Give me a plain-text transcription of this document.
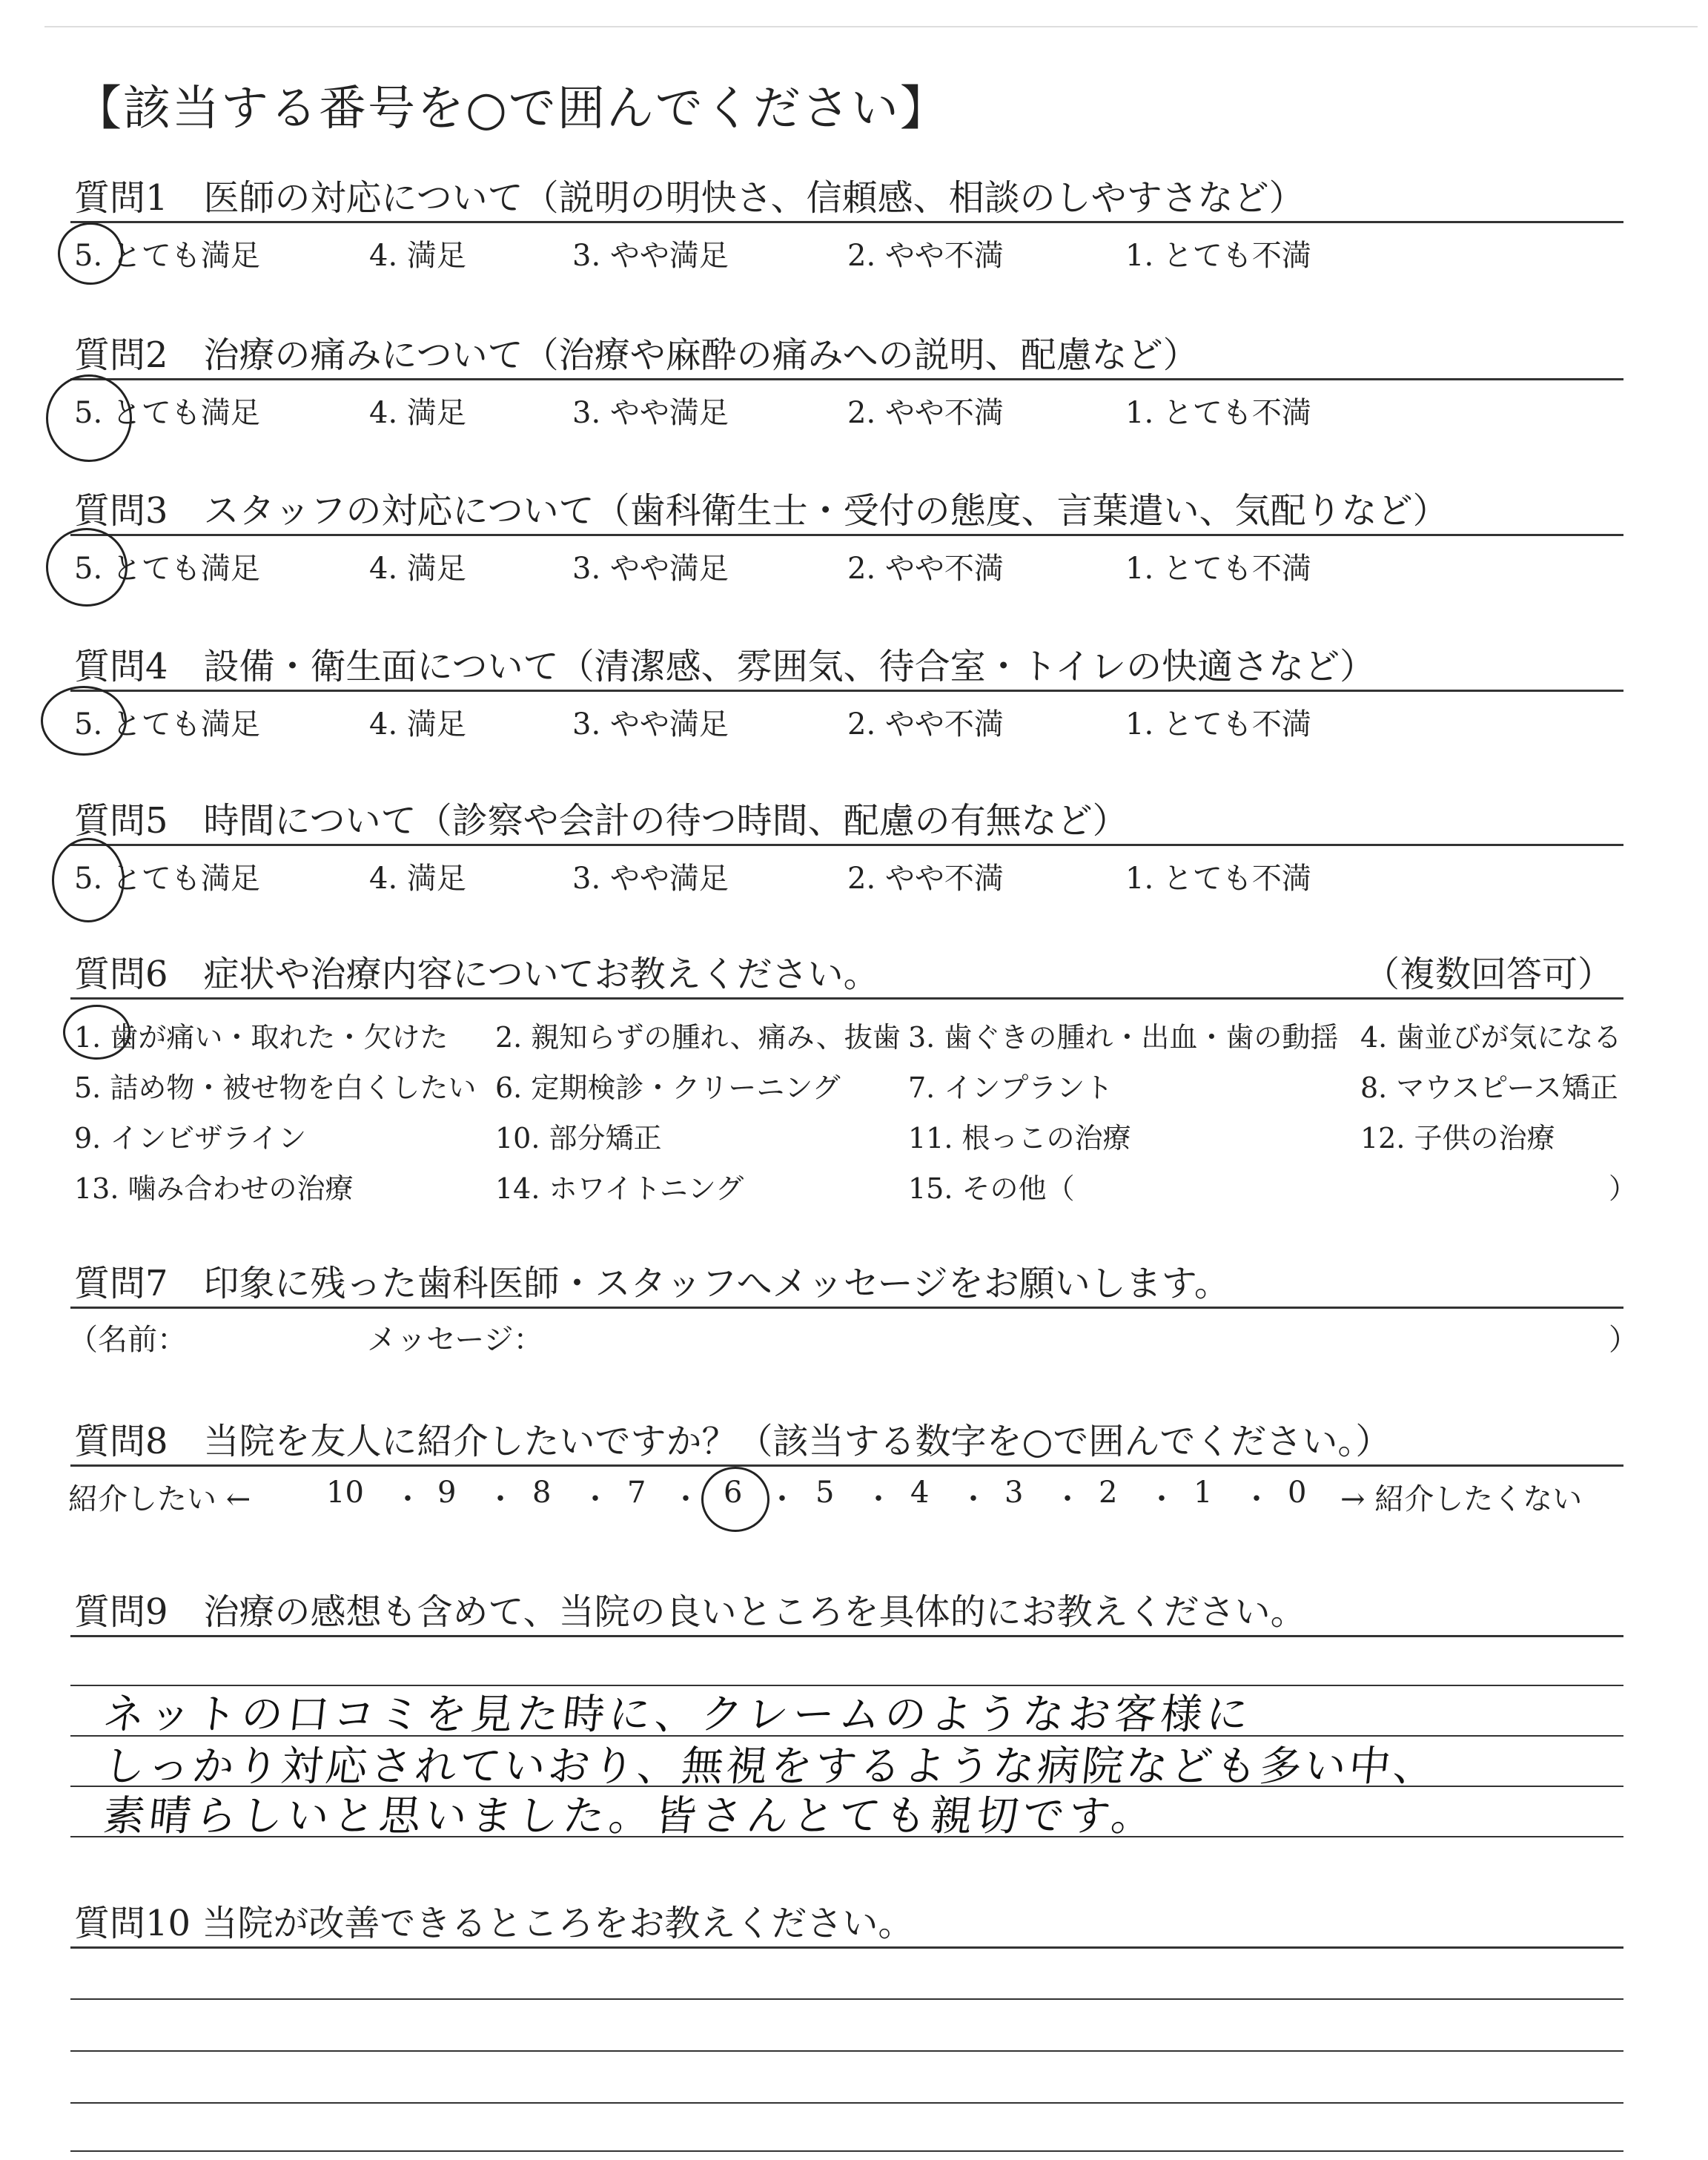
【該当する番号を○で囲んでください】
質問1　医師の対応について（説明の明快さ、信頼感、相談のしやすさなど）
5. とても満足	4. 満足	3. やや満足	2. やや不満	1. とても不満
質問2　治療の痛みについて（治療や麻酔の痛みへの説明、配慮など）
5. とても満足	4. 満足	3. やや満足	2. やや不満	1. とても不満
質問3　スタッフの対応について（歯科衛生士・受付の態度、言葉遣い、気配りなど）
5. とても満足	4. 満足	3. やや満足	2. やや不満	1. とても不満
質問4　設備・衛生面について（清潔感、雰囲気、待合室・トイレの快適さなど）
5. とても満足	4. 満足	3. やや満足	2. やや不満	1. とても不満
質問5　時間について（診察や会計の待つ時間、配慮の有無など）
5. とても満足	4. 満足	3. やや満足	2. やや不満	1. とても不満
質問6　症状や治療内容についてお教えください。	（複数回答可）
1. 歯が痛い・取れた・欠けた 2. 親知らずの腫れ、痛み、抜歯 3. 歯ぐきの腫れ・出血・歯の動揺 4. 歯並びが気になる
5. 詰め物・被せ物を白くしたい 6. 定期検診・クリーニング 7. インプラント	8. マウスピース矯正
9. インビザライン	10. 部分矯正	11. 根っこの治療	12. 子供の治療
13. 噛み合わせの治療	14. ホワイトニング	15. その他（	）
質問7　印象に残った歯科医師・スタッフへメッセージをお願いします。
（名前：	メッセージ：	）
質問8　当院を友人に紹介したいですか？（該当する数字を○で囲んでください。）
紹介したい ←	10 ・ 9 ・ 8 ・ 7 ・ 6 ・ 5 ・ 4 ・ 3 ・ 2 ・ 1 ・ 0 → 紹介したくない
質問9　治療の感想も含めて、当院の良いところを具体的にお教えください。
ネットの口コミを見た時に、クレームのようなお客様に
しっかり対応されていおり、無視をするような病院なども多い中、
素晴らしいと思いました。皆さんとても親切です。
質問10 当院が改善できるところをお教えください。
